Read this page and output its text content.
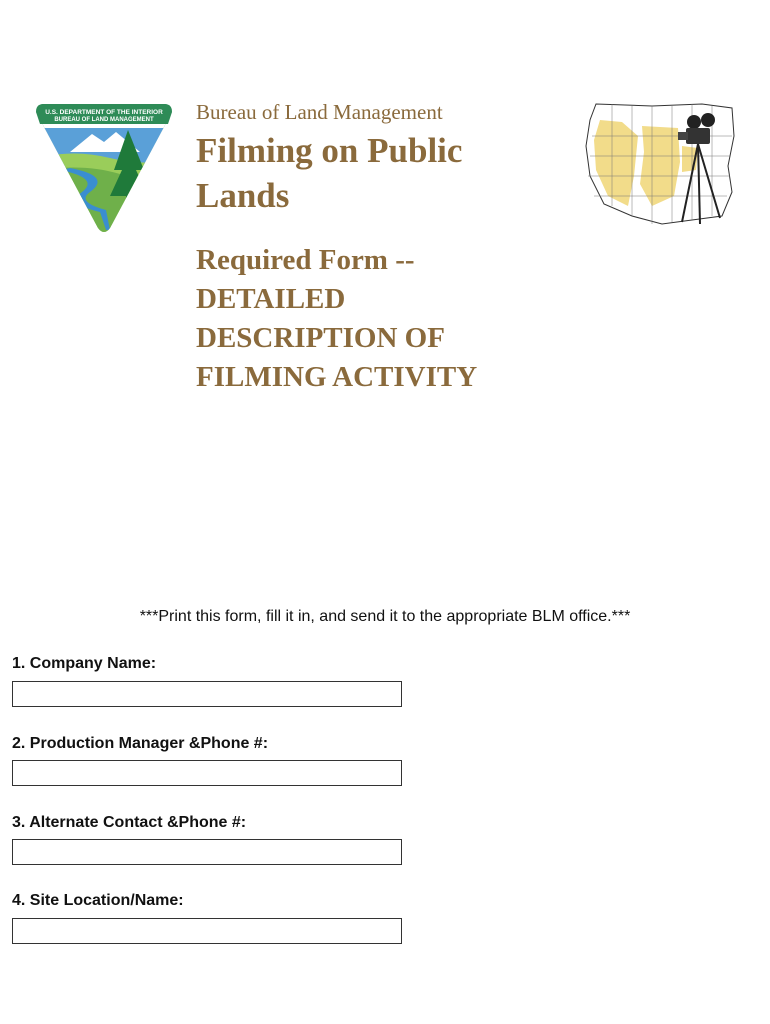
U.S. DEPARTMENT OF THE INTERIOR
BUREAU OF LAND MANAGEMENT Bureau of Land Management
Filming on Public
Lands
Required Form --
DETAILED
DESCRIPTION OF
FILMING ACTIVITY
***Print this form, fill it in, and send it to the appropriate BLM office.***
1. Company Name:
2. Production Manager &Phone #:
3. Alternate Contact &Phone #:
4. Site Location/Name:
